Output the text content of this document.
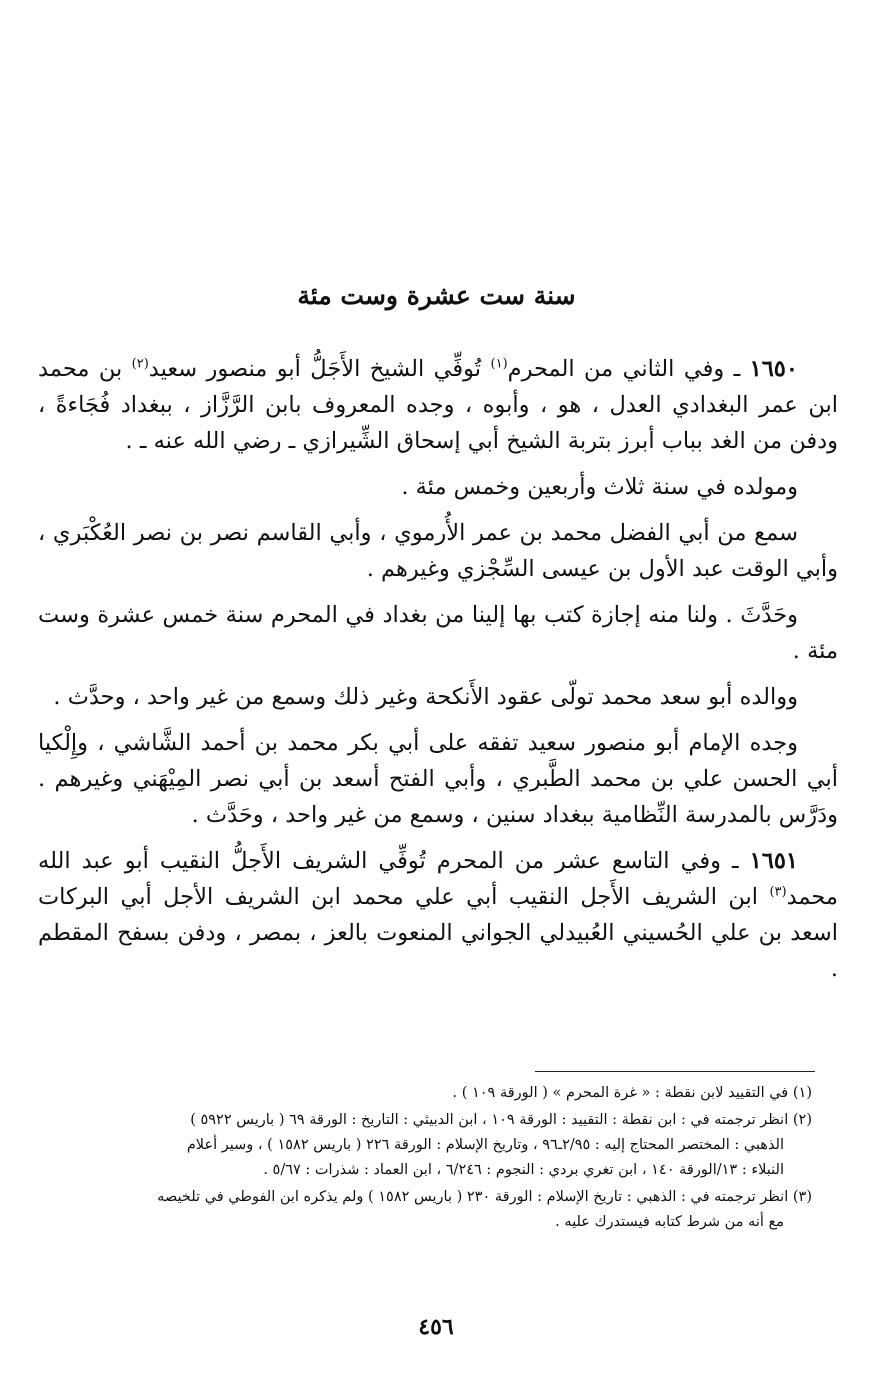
سنة ست عشرة وست مئة

١٦٥٠ ـ وفي الثاني من المحرم$^{(١)}$ تُوفِّي الشيخ الأَجَلُّ أبو منصور سعيد$^{(٢)}$ بن محمد ابن عمر البغدادي العدل ، هو ، وأبوه ، وجده المعروف بابن الرَّزَّاز ، ببغداد فُجَاءةً ، ودفن من الغد بباب أبرز بتربة الشيخ أبي إسحاق الشِّيرازي ـ رضي الله عنه ـ .

ومولده في سنة ثلاث وأربعين وخمس مئة .

سمع من أبي الفضل محمد بن عمر الأُرموي ، وأبي القاسم نصر بن نصر العُكْبَري ، وأبي الوقت عبد الأول بن عيسى السِّجْزي وغيرهم .

وحَدَّثَ . ولنا منه إجازة كتب بها إلينا من بغداد في المحرم سنة خمس عشرة وست مئة .

ووالده أبو سعد محمد تولّى عقود الأَنكحة وغير ذلك وسمع من غير واحد ، وحدَّث .

وجده الإمام أبو منصور سعيد تفقه على أبي بكر محمد بن أحمد الشَّاشي ، وإِلْكيا أبي الحسن علي بن محمد الطَّبري ، وأبي الفتح أسعد بن أبي نصر المِيْهَني وغيرهم . ودَرَّس بالمدرسة النِّظامية ببغداد سنين ، وسمع من غير واحد ، وحَدَّث .

١٦٥١ ـ وفي التاسع عشر من المحرم تُوفِّي الشريف الأَجلُّ النقيب أبو عبد الله محمد$^{(٣)}$ ابن الشريف الأَجل النقيب أبي علي محمد ابن الشريف الأجل أبي البركات اسعد بن علي الحُسيني العُبيدلي الجواني المنعوت بالعز ، بمصر ، ودفن بسفح المقطم .

(١) في التقييد لابن نقطة : « غرة المحرم » ( الورقة ١٠٩ ) .
(٢) انظر ترجمته في : ابن نقطة : التقييد : الورقة ١٠٩ ، ابن الدبيثي : التاريخ : الورقة ٦٩ ( باريس ٥٩٢٢ )
الذهبي : المختصر المحتاج إليه : ٢/٩٥ـ٩٦ ، وتاريخ الإسلام : الورقة ٢٢٦ ( باريس ١٥٨٢ ) ، وسير أعلام
النبلاء : ١٣/الورقة ١٤٠ ، ابن تغري بردي : النجوم : ٦/٢٤٦ ، ابن العماد : شذرات : ٥/٦٧ .
(٣) انظر ترجمته في : الذهبي : تاريخ الإسلام : الورقة ٢٣٠ ( باريس ١٥٨٢ ) ولم يذكره ابن الفوطي في تلخيصه
مع أنه من شرط كتابه فيستدرك عليه .
٤٥٦
